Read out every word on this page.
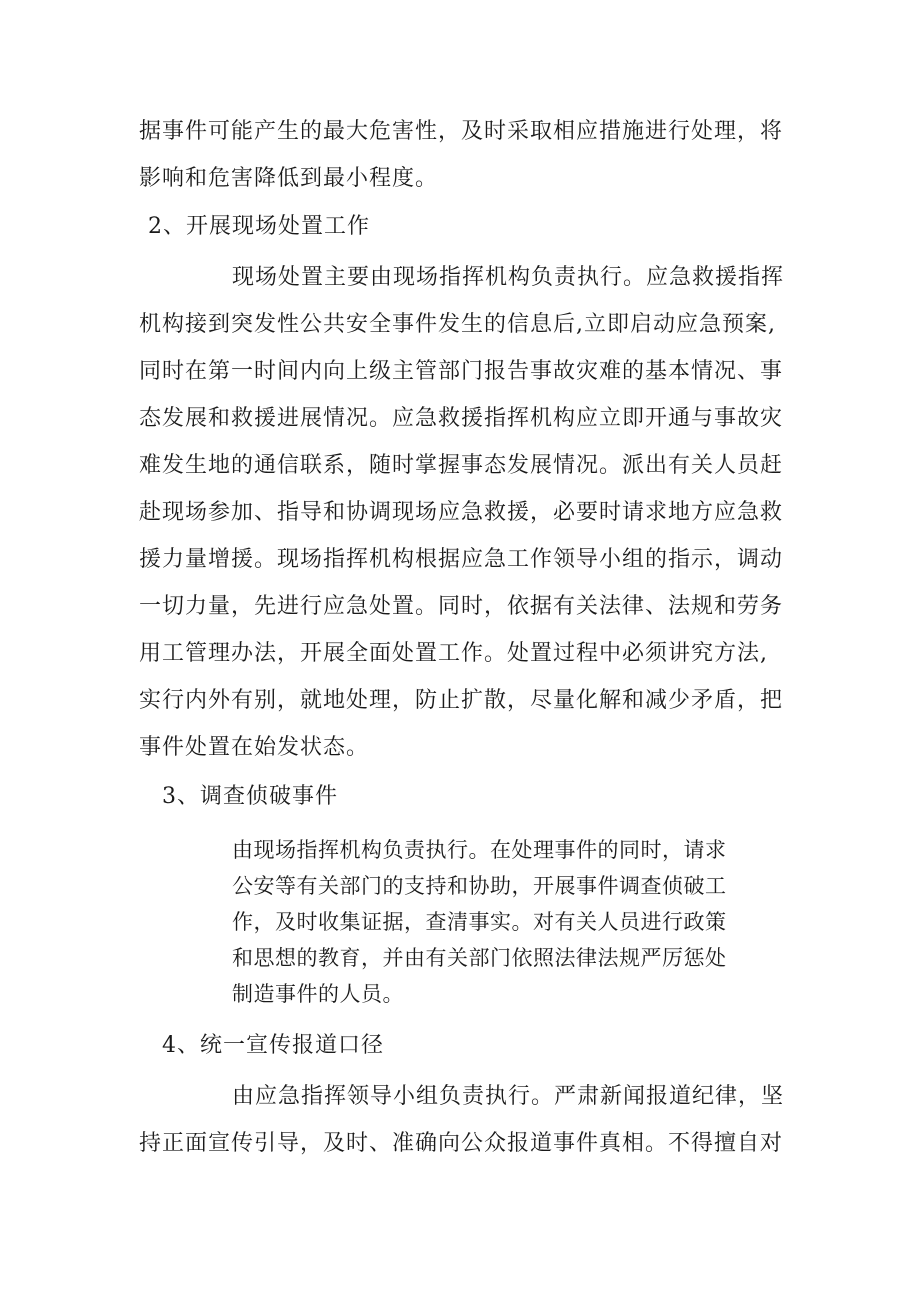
据事件可能产生的最大危害性，及时采取相应措施进行处理，将
影响和危害降低到最小程度。
2、开展现场处置工作
现场处置主要由现场指挥机构负责执行。应急救援指挥
机构接到突发性公共安全事件发生的信息后,立即启动应急预案,
同时在第一时间内向上级主管部门报告事故灾难的基本情况、事
态发展和救援进展情况。应急救援指挥机构应立即开通与事故灾
难发生地的通信联系，随时掌握事态发展情况。派出有关人员赶
赴现场参加、指导和协调现场应急救援，必要时请求地方应急救
援力量增援。现场指挥机构根据应急工作领导小组的指示，调动
一切力量，先进行应急处置。同时，依据有关法律、法规和劳务
用工管理办法，开展全面处置工作。处置过程中必须讲究方法,
实行内外有别，就地处理，防止扩散，尽量化解和减少矛盾，把
事件处置在始发状态。
3、调查侦破事件
由现场指挥机构负责执行。在处理事件的同时，请求
公安等有关部门的支持和协助，开展事件调查侦破工
作，及时收集证据，查清事实。对有关人员进行政策
和思想的教育，并由有关部门依照法律法规严厉惩处
制造事件的人员。
4、统一宣传报道口径
由应急指挥领导小组负责执行。严肃新闻报道纪律，坚
持正面宣传引导，及时、准确向公众报道事件真相。不得擅自对
